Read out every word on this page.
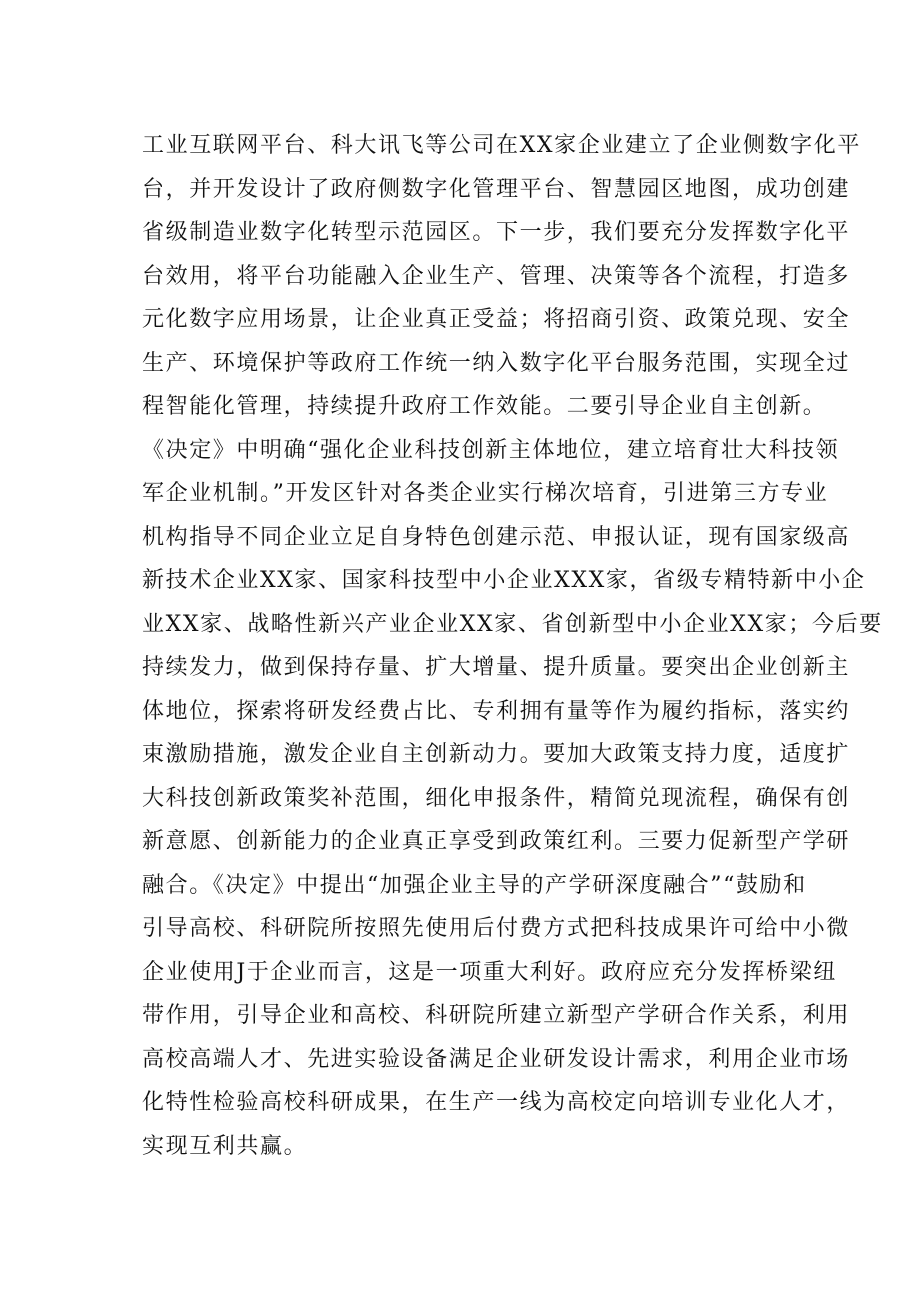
工业互联网平台、科大讯飞等公司在XX家企业建立了企业侧数字化平
台，并开发设计了政府侧数字化管理平台、智慧园区地图，成功创建
省级制造业数字化转型示范园区。下一步，我们要充分发挥数字化平
台效用，将平台功能融入企业生产、管理、决策等各个流程，打造多
元化数字应用场景，让企业真正受益；将招商引资、政策兑现、安全
生产、环境保护等政府工作统一纳入数字化平台服务范围，实现全过
程智能化管理，持续提升政府工作效能。二要引导企业自主创新。
《决定》中明确“强化企业科技创新主体地位，建立培育壮大科技领
军企业机制。”开发区针对各类企业实行梯次培育，引进第三方专业
机构指导不同企业立足自身特色创建示范、申报认证，现有国家级高
新技术企业XX家、国家科技型中小企业XXX家，省级专精特新中小企
业XX家、战略性新兴产业企业XX家、省创新型中小企业XX家；今后要
持续发力，做到保持存量、扩大增量、提升质量。要突出企业创新主
体地位，探索将研发经费占比、专利拥有量等作为履约指标，落实约
束激励措施，激发企业自主创新动力。要加大政策支持力度，适度扩
大科技创新政策奖补范围，细化申报条件，精简兑现流程，确保有创
新意愿、创新能力的企业真正享受到政策红利。三要力促新型产学研
融合。《决定》中提出“加强企业主导的产学研深度融合”“鼓励和
引导高校、科研院所按照先使用后付费方式把科技成果许可给中小微
企业使用J于企业而言，这是一项重大利好。政府应充分发挥桥梁纽
带作用，引导企业和高校、科研院所建立新型产学研合作关系，利用
高校高端人才、先进实验设备满足企业研发设计需求，利用企业市场
化特性检验高校科研成果，在生产一线为高校定向培训专业化人才，
实现互利共赢。
